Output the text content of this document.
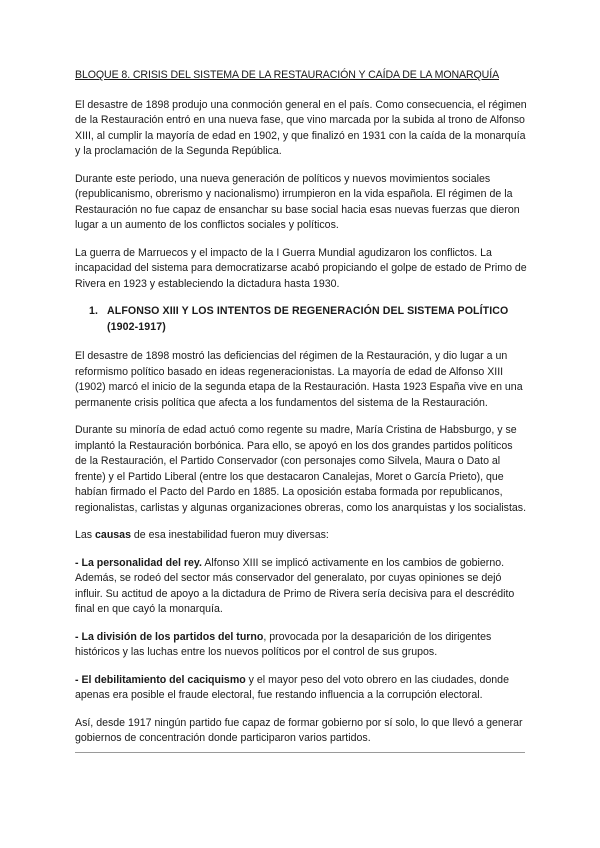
BLOQUE 8. CRISIS DEL SISTEMA DE LA RESTAURACIÓN Y CAÍDA DE LA MONARQUÍA

El desastre de 1898 produjo una conmoción general en el país. Como consecuencia, el régimen de la Restauración entró en una nueva fase, que vino marcada por la subida al trono de Alfonso XIII, al cumplir la mayoría de edad en 1902, y que finalizó en 1931 con la caída de la monarquía y la proclamación de la Segunda República.

Durante este periodo, una nueva generación de políticos y nuevos movimientos sociales (republicanismo, obrerismo y nacionalismo) irrumpieron en la vida española. El régimen de la Restauración no fue capaz de ensanchar su base social hacia esas nuevas fuerzas que dieron lugar a un aumento de los conflictos sociales y políticos.

La guerra de Marruecos y el impacto de la I Guerra Mundial agudizaron los conflictos. La incapacidad del sistema para democratizarse acabó propiciando el golpe de estado de Primo de Rivera en 1923 y estableciendo la dictadura hasta 1930.

1. ALFONSO XIII Y LOS INTENTOS DE REGENERACIÓN DEL SISTEMA POLÍTICO (1902-1917)

El desastre de 1898 mostró las deficiencias del régimen de la Restauración, y dio lugar a un reformismo político basado en ideas regeneracionistas. La mayoría de edad de Alfonso XIII (1902) marcó el inicio de la segunda etapa de la Restauración. Hasta 1923 España vive en una permanente crisis política que afecta a los fundamentos del sistema de la Restauración.

Durante su minoría de edad actuó como regente su madre, María Cristina de Habsburgo, y se implantó la Restauración borbónica. Para ello, se apoyó en los dos grandes partidos políticos de la Restauración, el Partido Conservador (con personajes como Silvela, Maura o Dato al frente) y el Partido Liberal (entre los que destacaron Canalejas, Moret o García Prieto), que habían firmado el Pacto del Pardo en 1885. La oposición estaba formada por republicanos, regionalistas, carlistas y algunas organizaciones obreras, como los anarquistas y los socialistas.

Las causas de esa inestabilidad fueron muy diversas:

- La personalidad del rey. Alfonso XIII se implicó activamente en los cambios de gobierno. Además, se rodeó del sector más conservador del generalato, por cuyas opiniones se dejó influir. Su actitud de apoyo a la dictadura de Primo de Rivera sería decisiva para el descrédito final en que cayó la monarquía.

- La división de los partidos del turno, provocada por la desaparición de los dirigentes históricos y las luchas entre los nuevos políticos por el control de sus grupos.

- El debilitamiento del caciquismo y el mayor peso del voto obrero en las ciudades, donde apenas era posible el fraude electoral, fue restando influencia a la corrupción electoral.

Así, desde 1917 ningún partido fue capaz de formar gobierno por sí solo, lo que llevó a generar gobiernos de concentración donde participaron varios partidos.
